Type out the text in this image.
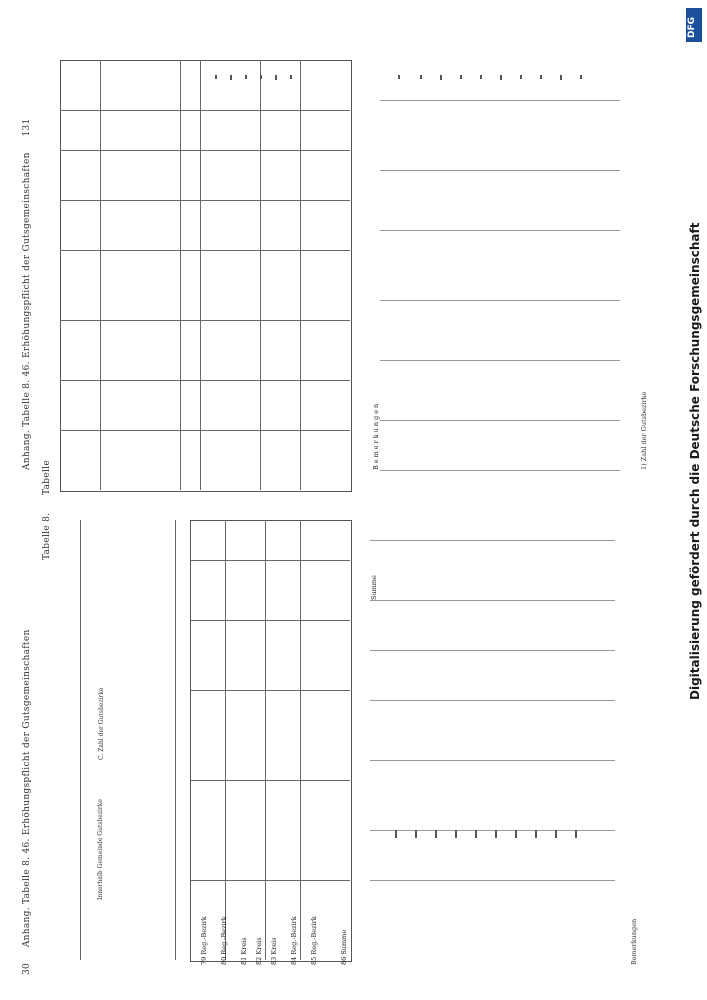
30     Anhang. Tabelle 8. 46. Erhöhungspflicht der Gutsgemeinschaften
Tabelle 8.
Innerhalb Gemeinde Gutsbezirke
C. Zahl der Gutsbezirke
79 Reg.-Bezirk
80 Reg.-Bezirk
81 Kreis
82 Kreis
83 Kreis
84 Reg.-Bezirk
85 Reg.-Bezirk
86 Summe
Summe
Bemerkungen
Anhang. Tabelle 8. 46. Erhöhungspflicht der Gutsgemeinschaften     131
Tabelle
Bemerkungen	1) Zahl der Gutsbezirke
DFG
Digitalisierung gefördert durch die Deutsche Forschungsgemeinschaft
